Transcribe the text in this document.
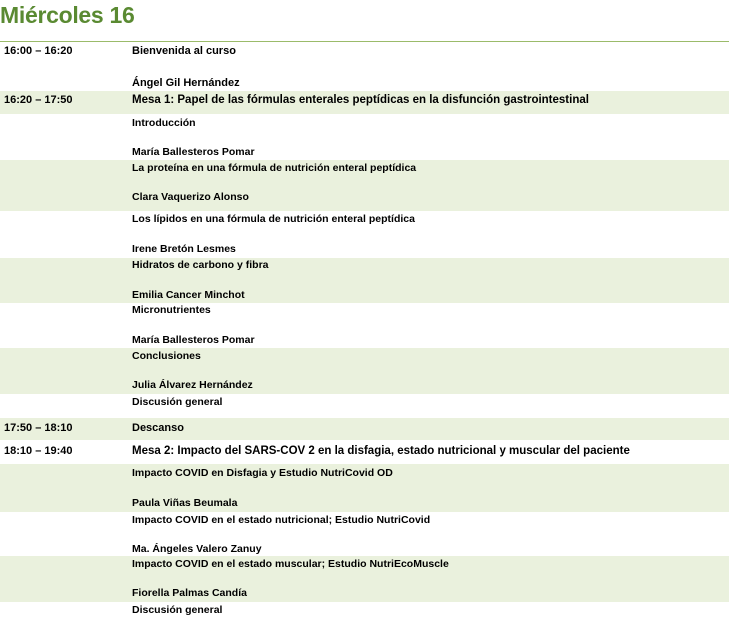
Miércoles 16
16:00 – 16:20	Bienvenida al curso
Ángel Gil Hernández
16:20 – 17:50	Mesa 1: Papel de las fórmulas enterales peptídicas en la disfunción gastrointestinal
Introducción
María Ballesteros Pomar
La proteína en una fórmula de nutrición enteral peptídica
Clara Vaquerizo Alonso
Los lípidos en una fórmula de nutrición enteral peptídica
Irene Bretón Lesmes
Hidratos de carbono y fibra
Emilia Cancer Minchot
Micronutrientes
María Ballesteros Pomar
Conclusiones
Julia Álvarez Hernández
Discusión general
17:50 – 18:10	Descanso
18:10 – 19:40	Mesa 2: Impacto del SARS-COV 2 en la disfagia, estado nutricional y muscular del paciente
Impacto COVID en Disfagia y Estudio NutriCovid OD
Paula Viñas Beumala
Impacto COVID en el estado nutricional; Estudio NutriCovid
Ma. Ángeles Valero Zanuy
Impacto COVID en el estado muscular; Estudio NutriEcoMuscle
Fiorella Palmas Candía
Discusión general
